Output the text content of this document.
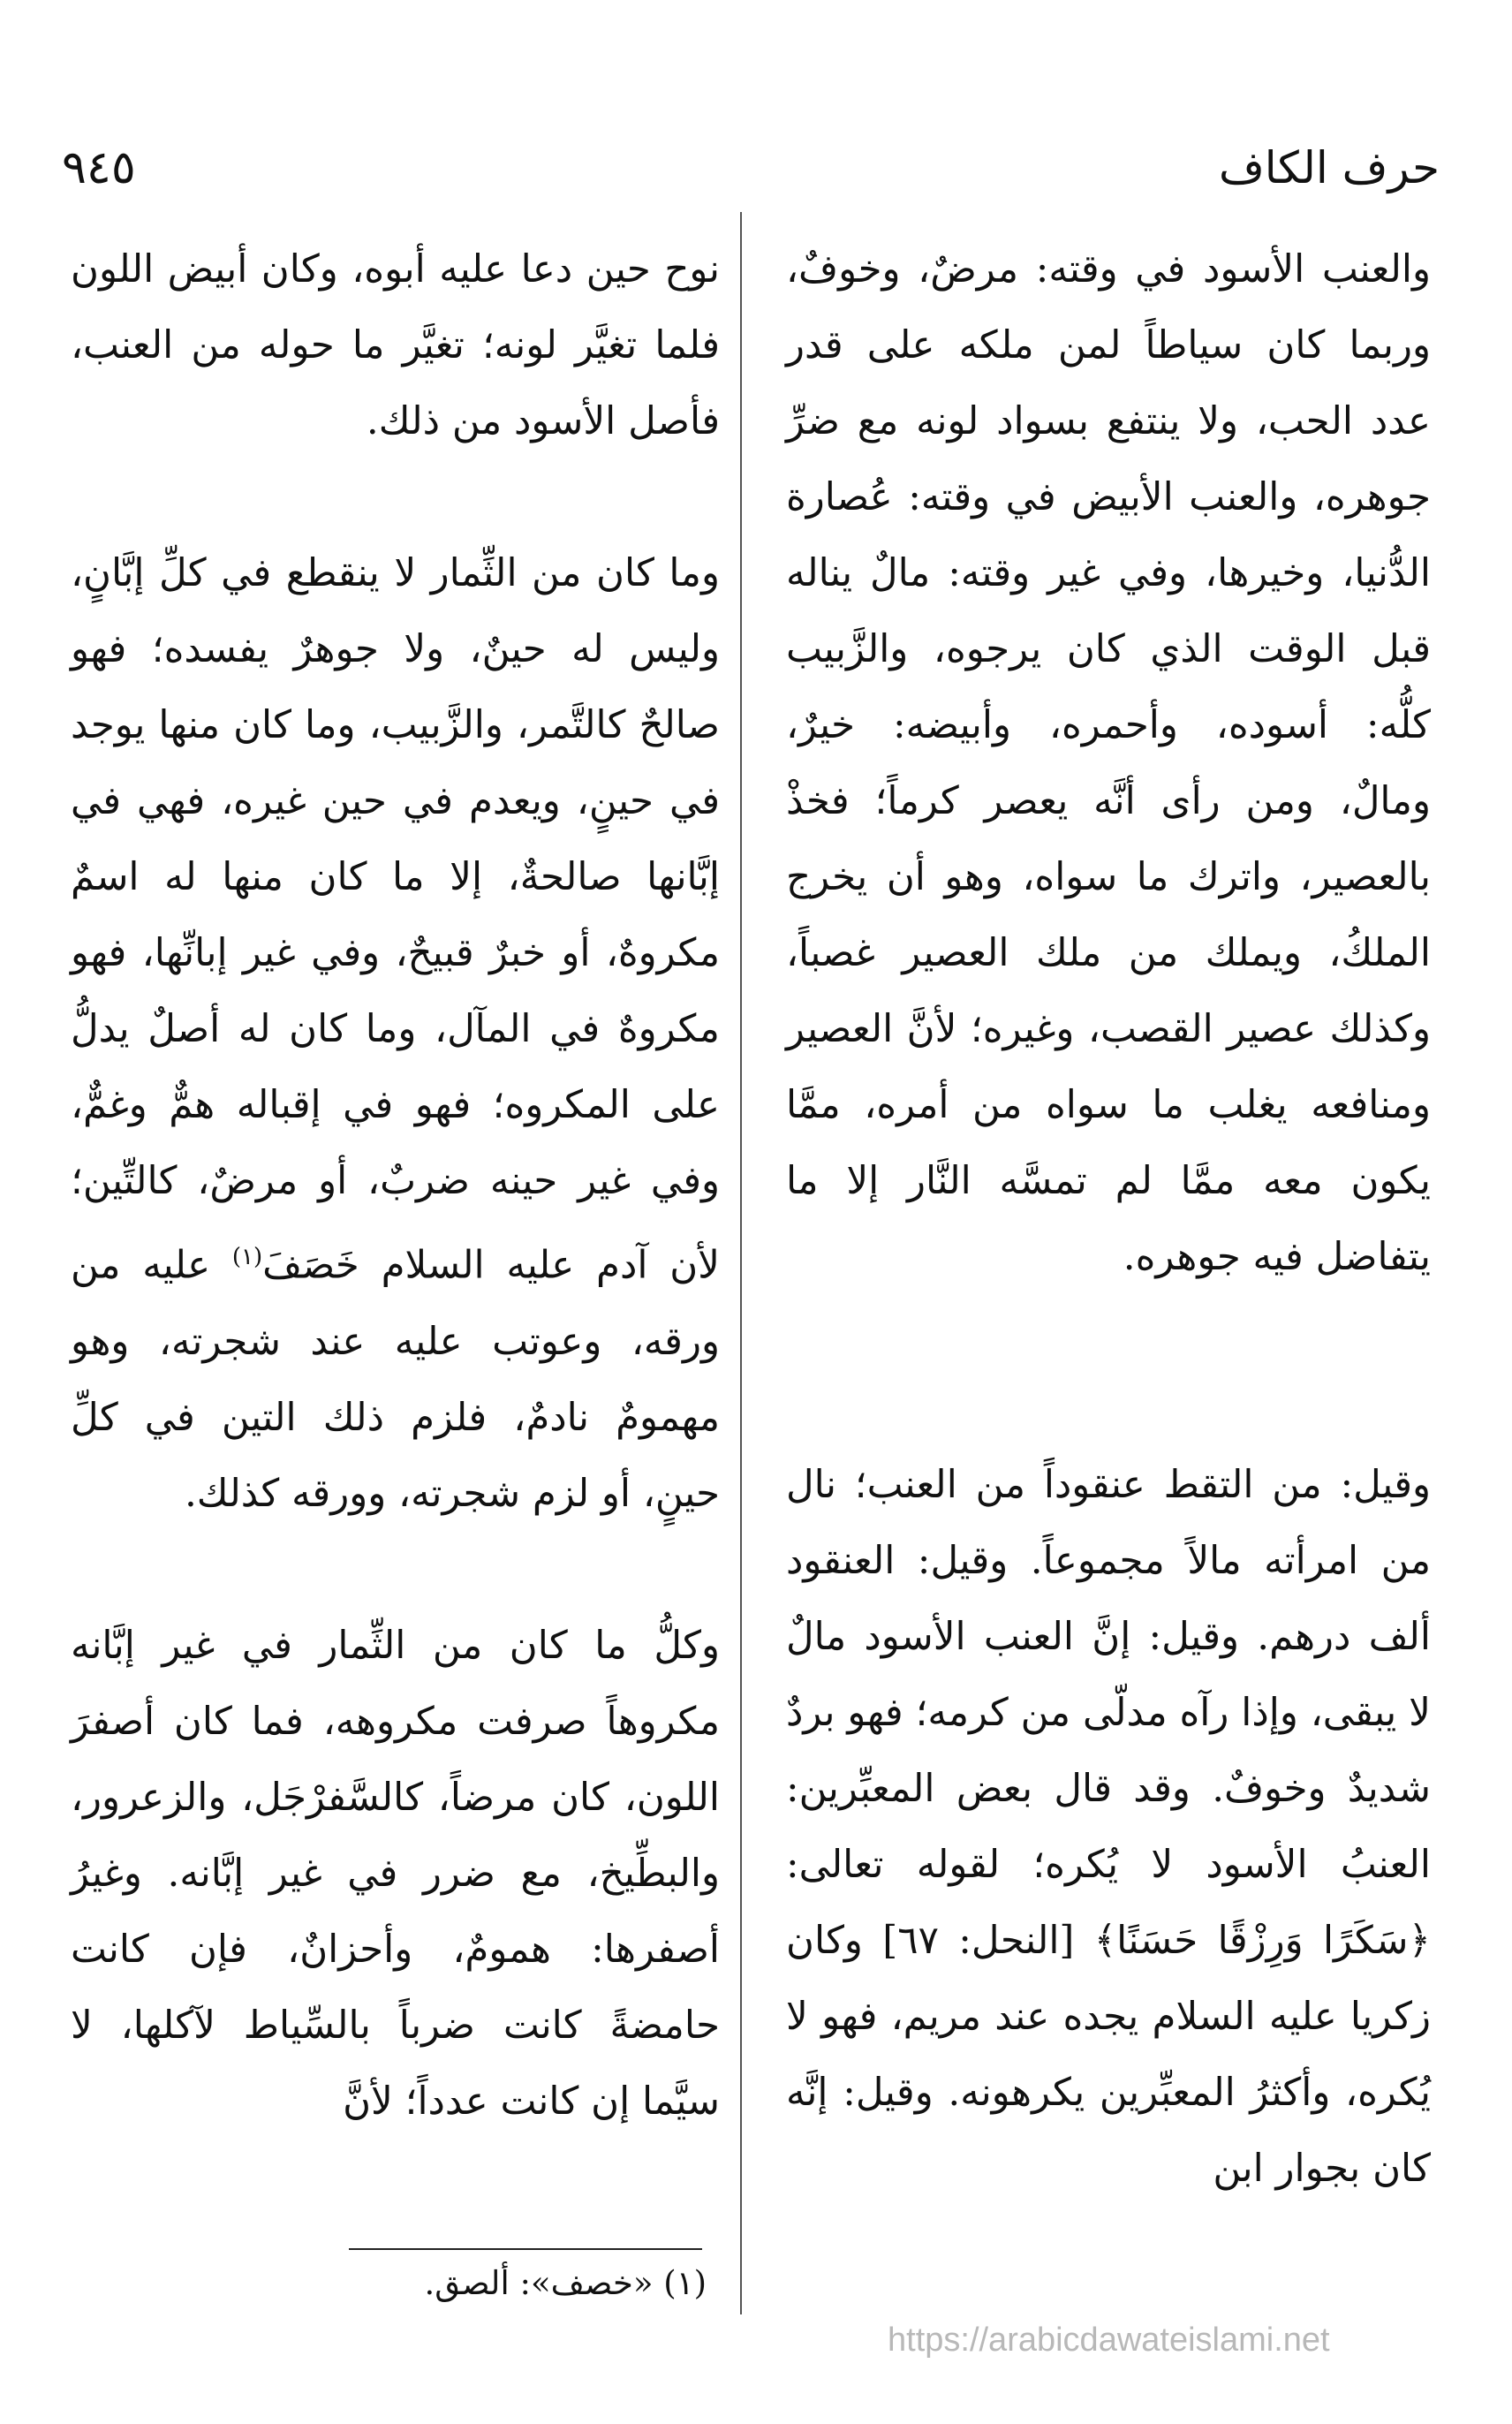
حرف الكاف
٩٤٥

والعنب الأسود في وقته: مرضٌ، وخوفٌ، وربما كان سياطاً لمن ملكه على قدر عدد الحب، ولا ينتفع بسواد لونه مع ضرِّ جوهره، والعنب الأبيض في وقته: عُصارة الدُّنيا، وخيرها، وفي غير وقته: مالٌ يناله قبل الوقت الذي كان يرجوه، والزَّبيب كلُّه: أسوده، وأحمره، وأبيضه: خيرٌ، ومالٌ، ومن رأى أنَّه يعصر كرماً؛ فخذْ بالعصير، واترك ما سواه، وهو أن يخرج الملكُ، ويملك من ملك العصير غصباً، وكذلك عصير القصب، وغيره؛ لأنَّ العصير ومنافعه يغلب ما سواه من أمره، ممَّا يكون معه ممَّا لم تمسَّه النَّار إلا ما يتفاضل فيه جوهره.

وقيل: من التقط عنقوداً من العنب؛ نال من امرأته مالاً مجموعاً. وقيل: العنقود ألف درهم. وقيل: إنَّ العنب الأسود مالٌ لا يبقى، وإذا رآه مدلّى من كرمه؛ فهو بردٌ شديدٌ وخوفٌ. وقد قال بعض المعبِّرين: العنبُ الأسود لا يُكره؛ لقوله تعالى: ﴿سَكَرًا وَرِزْقًا حَسَنًا﴾ [النحل: ٦٧] وكان زكريا عليه السلام يجده عند مريم، فهو لا يُكره، وأكثرُ المعبِّرين يكرهونه. وقيل: إنَّه كان بجوار ابن

نوح حين دعا عليه أبوه، وكان أبيض اللون فلما تغيَّر لونه؛ تغيَّر ما حوله من العنب، فأصل الأسود من ذلك.

وما كان من الثِّمار لا ينقطع في كلِّ إبَّانٍ، وليس له حينٌ، ولا جوهرٌ يفسده؛ فهو صالحٌ كالتَّمر، والزَّبيب، وما كان منها يوجد في حينٍ، ويعدم في حين غيره، فهي في إبَّانها صالحةٌ، إلا ما كان منها له اسمٌ مكروهٌ، أو خبرٌ قبيحٌ، وفي غير إبانِّها، فهو مكروهٌ في المآل، وما كان له أصلٌ يدلُّ على المكروه؛ فهو في إقباله همٌّ وغمٌّ، وفي غير حينه ضربٌ، أو مرضٌ، كالتِّين؛ لأن آدم عليه السلام خَصَفَ$^{(١)}$ عليه من ورقه، وعوتب عليه عند شجرته، وهو مهمومٌ نادمٌ، فلزم ذلك التين في كلِّ حينٍ، أو لزم شجرته، وورقه كذلك.

وكلُّ ما كان من الثِّمار في غير إبَّانه مكروهاً صرفت مكروهه، فما كان أصفرَ اللون، كان مرضاً، كالسَّفرْجَل، والزعرور، والبطِّيخ، مع ضرر في غير إبَّانه. وغيرُ أصفرها: همومٌ، وأحزانٌ، فإن كانت حامضةً كانت ضرباً بالسِّياط لآكلها، لا سيَّما إن كانت عدداً؛ لأنَّ

(١) «خصف»: ألصق.
https://arabicdawateislami.net
